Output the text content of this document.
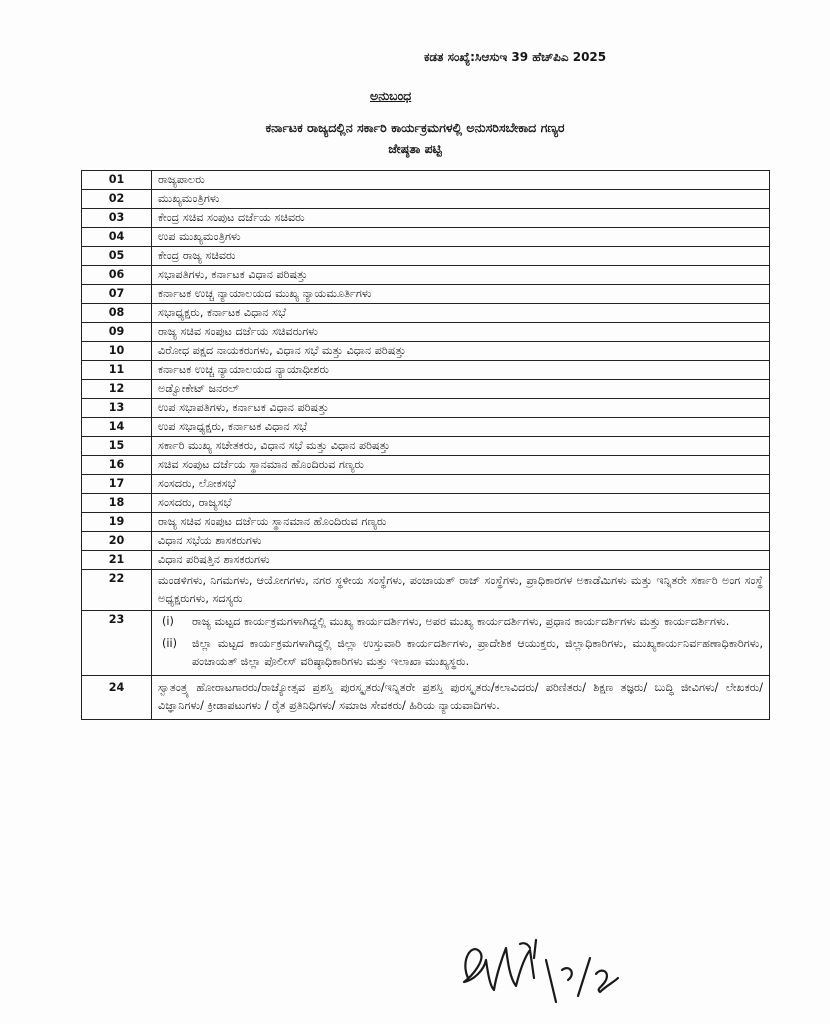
ಕಡತ ಸಂಖ್ಯೆ:ಸಿಆಸುಇ 39 ಹೆಚ್‌ಪಿಎ 2025
ಅನುಬಂಧ
ಕರ್ನಾಟಕ ರಾಜ್ಯದಲ್ಲಿನ ಸರ್ಕಾರಿ ಕಾರ್ಯಕ್ರಮಗಳಲ್ಲಿ ಅನುಸರಿಸಬೇಕಾದ ಗಣ್ಯರ
ಜೇಷ್ಠತಾ ಪಟ್ಟಿ
01	ರಾಜ್ಯಪಾಲರು
02	ಮುಖ್ಯಮಂತ್ರಿಗಳು
03	ಕೇಂದ್ರ ಸಚಿವ ಸಂಪುಟ ದರ್ಜೆಯ ಸಚಿವರು
04	ಉಪ ಮುಖ್ಯಮಂತ್ರಿಗಳು
05	ಕೇಂದ್ರ ರಾಜ್ಯ ಸಚಿವರು
06	ಸಭಾಪತಿಗಳು, ಕರ್ನಾಟಕ ವಿಧಾನ ಪರಿಷತ್ತು
07	ಕರ್ನಾಟಕ ಉಚ್ಚ ನ್ಯಾಯಾಲಯದ ಮುಖ್ಯ ನ್ಯಾಯಮೂರ್ತಿಗಳು
08	ಸಭಾಧ್ಯಕ್ಷರು, ಕರ್ನಾಟಕ ವಿಧಾನ ಸಭೆ
09	ರಾಜ್ಯ ಸಚಿವ ಸಂಪುಟ ದರ್ಜೆಯ ಸಚಿವರುಗಳು
10	ವಿರೋಧ ಪಕ್ಷದ ನಾಯಕರುಗಳು, ವಿಧಾನ ಸಭೆ ಮತ್ತು ವಿಧಾನ ಪರಿಷತ್ತು
11	ಕರ್ನಾಟಕ ಉಚ್ಚ ನ್ಯಾಯಾಲಯದ ನ್ಯಾಯಾಧೀಶರು
12	ಅಡ್ವೋಕೇಟ್ ಜನರಲ್
13	ಉಪ ಸಭಾಪತಿಗಳು, ಕರ್ನಾಟಕ ವಿಧಾನ ಪರಿಷತ್ತು
14	ಉಪ ಸಭಾಧ್ಯಕ್ಷರು, ಕರ್ನಾಟಕ ವಿಧಾನ ಸಭೆ
15	ಸರ್ಕಾರಿ ಮುಖ್ಯ ಸಚೇತಕರು, ವಿಧಾನ ಸಭೆ ಮತ್ತು ವಿಧಾನ ಪರಿಷತ್ತು
16	ಸಚಿವ ಸಂಪುಟ ದರ್ಜೆಯ ಸ್ಥಾನಮಾನ ಹೊಂದಿರುವ ಗಣ್ಯರು
17	ಸಂಸದರು, ಲೋಕಸಭೆ
18	ಸಂಸದರು, ರಾಜ್ಯಸಭೆ
19	ರಾಜ್ಯ ಸಚಿವ ಸಂಪುಟ ದರ್ಜೆಯ ಸ್ಥಾನಮಾನ ಹೊಂದಿರುವ ಗಣ್ಯರು
20	ವಿಧಾನ ಸಭೆಯ ಶಾಸಕರುಗಳು
21	ವಿಧಾನ ಪರಿಷತ್ತಿನ ಶಾಸಕರುಗಳು
22	ಮಂಡಳಿಗಳು, ನಿಗಮಗಳು, ಆಯೋಗಗಳು, ನಗರ ಸ್ಥಳೀಯ ಸಂಸ್ಥೆಗಳು, ಪಂಚಾಯತ್ ರಾಜ್ ಸಂಸ್ಥೆಗಳು, ಪ್ರಾಧಿಕಾರಗಳ ಅಕಾಡೆಮಿಗಳು ಮತ್ತು ಇನ್ನಿತರೇ ಸರ್ಕಾರಿ ಅಂಗ ಸಂಸ್ಥೆ ಅಧ್ಯಕ್ಷರುಗಳು, ಸದಸ್ಯರು
23	(i) ರಾಜ್ಯ ಮಟ್ಟದ ಕಾರ್ಯಕ್ರಮಗಳಾಗಿದ್ದಲ್ಲಿ ಮುಖ್ಯ ಕಾರ್ಯದರ್ಶಿಗಳು, ಅಪರ ಮುಖ್ಯ ಕಾರ್ಯದರ್ಶಿಗಳು, ಪ್ರಧಾನ ಕಾರ್ಯದರ್ಶಿಗಳು ಮತ್ತು ಕಾರ್ಯದರ್ಶಿಗಳು.
(ii) ಜಿಲ್ಲಾ ಮಟ್ಟದ ಕಾರ್ಯಕ್ರಮಗಳಾಗಿದ್ದಲ್ಲಿ ಜಿಲ್ಲಾ ಉಸ್ತುವಾರಿ ಕಾರ್ಯದರ್ಶಿಗಳು, ಪ್ರಾದೇಶಿಕ ಆಯುಕ್ತರು, ಜಿಲ್ಲಾಧಿಕಾರಿಗಳು, ಮುಖ್ಯಕಾರ್ಯನಿರ್ವಹಣಾಧಿಕಾರಿಗಳು, ಪಂಚಾಯತ್ ಜಿಲ್ಲಾ ಪೊಲೀಸ್ ವರಿಷ್ಠಾಧಿಕಾರಿಗಳು ಮತ್ತು ಇಲಾಖಾ ಮುಖ್ಯಸ್ಥರು.

24	ಸ್ವಾತಂತ್ರ್ಯ ಹೋರಾಟಗಾರರು/ರಾಜ್ಯೋತ್ಸವ ಪ್ರಶಸ್ತಿ ಪುರಸ್ಕೃತರು/ಇನ್ನಿತರೇ ಪ್ರಶಸ್ತಿ ಪುರಸ್ಕೃತರು/ಕಲಾವಿದರು/ ಪರಿಣಿತರು/ ಶಿಕ್ಷಣ ತಜ್ಞರು/ ಬುದ್ಧಿ ಜೀವಿಗಳು/ ಲೇಖಕರು/ ವಿಜ್ಞಾನಿಗಳು/ ಕ್ರೀಡಾಪಟುಗಳು / ರೈತ ಪ್ರತಿನಿಧಿಗಳು/ ಸಮಾಜ ಸೇವಕರು/ ಹಿರಿಯ ನ್ಯಾಯವಾದಿಗಳು.
